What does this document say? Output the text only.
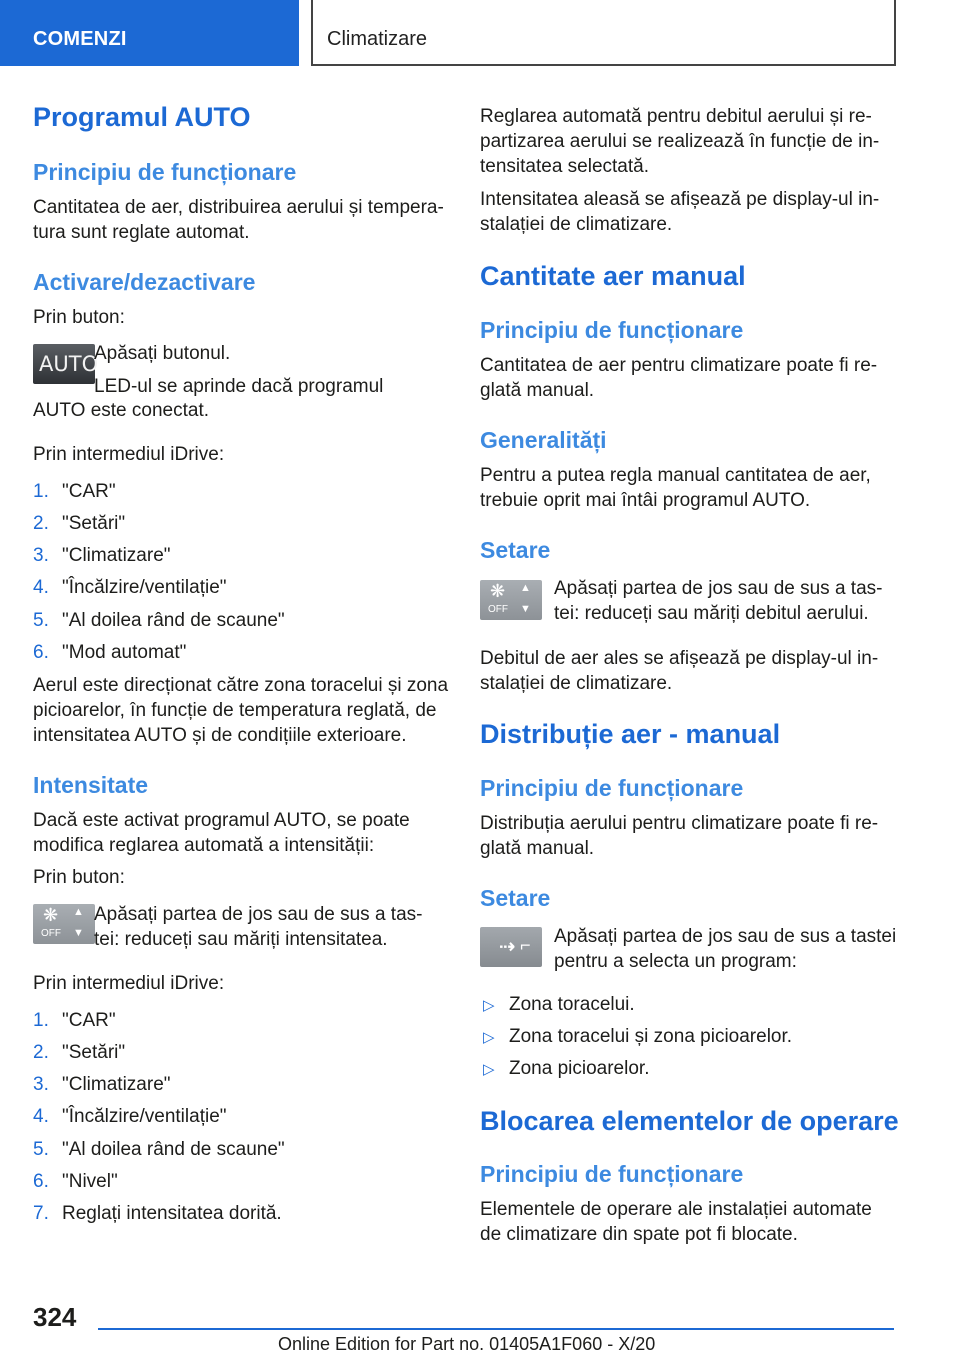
COMENZI	Climatizare
Programul AUTO
Principiu de funcționare
Cantitatea de aer, distribuirea aerului și tempera-
tura sunt reglate automat.
Activare/dezactivare
Prin buton:
AUTO
Apăsați butonul.
LED-ul se aprinde dacă programul
AUTO este conectat.
Prin intermediul iDrive:
1. "CAR"
2. "Setări"
3. "Climatizare"
4. "Încălzire/ventilație"
5. "Al doilea rând de scaune"
6. "Mod automat"
Aerul este direcționat către zona toracelui și zona
picioarelor, în funcție de temperatura reglată, de
intensitatea AUTO și de condițiile exterioare.
Intensitate
Dacă este activat programul AUTO, se poate
modifica reglarea automată a intensității:
Prin buton:
❋ ▲
▼
OFF
Apăsați partea de jos sau de sus a tas-
tei: reduceți sau măriți intensitatea.
Prin intermediul iDrive:
1. "CAR"
2. "Setări"
3. "Climatizare"
4. "Încălzire/ventilație"
5. "Al doilea rând de scaune"
6. "Nivel"
7. Reglați intensitatea dorită.
Reglarea automată pentru debitul aerului și re-
partizarea aerului se realizează în funcție de in-
tensitatea selectată.
Intensitatea aleasă se afișează pe display-ul in-
stalației de climatizare.
Cantitate aer manual
Principiu de funcționare
Cantitatea de aer pentru climatizare poate fi re-
glată manual.
Generalități
Pentru a putea regla manual cantitatea de aer,
trebuie oprit mai întâi programul AUTO.
Setare
❋ ▲
▼
OFF
Apăsați partea de jos sau de sus a tas-
tei: reduceți sau măriți debitul aerului.
Debitul de aer ales se afișează pe display-ul in-
stalației de climatizare.
Distribuție aer - manual
Principiu de funcționare
Distribuția aerului pentru climatizare poate fi re-
glată manual.
Setare
⇢ ⌐ Apăsați partea de jos sau de sus a tastei
pentru a selecta un program:
▷ Zona toracelui.
▷ Zona toracelui și zona picioarelor.
▷ Zona picioarelor.
Blocarea elementelor de operare
Principiu de funcționare
Elementele de operare ale instalației automate
de climatizare din spate pot fi blocate.
324
Online Edition for Part no. 01405A1F060 - X/20
